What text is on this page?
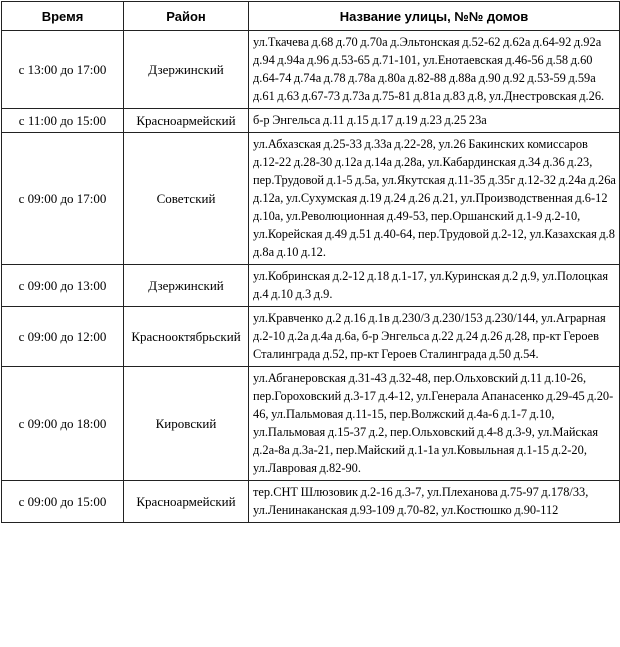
Время	Район	Название улицы, №№ домов
с 13:00 до 17:00	Дзержинский	ул.Ткачева д.68 д.70 д.70а д.Эльтонская д.52-62 д.62а д.64-92 д.92а д.94 д.94а д.96 д.53-65 д.71-101, ул.Енотаевская д.46-56 д.58 д.60 д.64-74 д.74а д.78 д.78а д.80а д.82-88 д.88а д.90 д.92 д.53-59 д.59а д.61 д.63 д.67-73 д.73а д.75-81 д.81а д.83 д.8, ул.Днестровская д.26.
с 11:00 до 15:00	Красноармейский	б-р Энгельса д.11 д.15 д.17 д.19 д.23 д.25 23а
с 09:00 до 17:00	Советский	ул.Абхазская д.25-33 д.33а д.22-28, ул.26 Бакинских комиссаров д.12-22 д.28-30 д.12а д.14а д.28а, ул.Кабардинская д.34 д.36 д.23, пер.Трудовой д.1-5 д.5а, ул.Якутская д.11-35 д.35г д.12-32 д.24а д.26а д.12а, ул.Сухумская д.19 д.24 д.26 д.21, ул.Производственная д.6-12 д.10а, ул.Революционная д.49-53, пер.Оршанский д.1-9 д.2-10, ул.Корейская д.49 д.51 д.40-64, пер.Трудовой д.2-12, ул.Казахская д.8 д.8а д.10 д.12.
с 09:00 до 13:00	Дзержинский	ул.Кобринская д.2-12 д.18 д.1-17, ул.Куринская д.2 д.9, ул.Полоцкая д.4 д.10 д.3 д.9.
с 09:00 до 12:00	Краснооктябрьский	ул.Кравченко д.2 д.16 д.1в д.230/3 д.230/153 д.230/144, ул.Аграрная д.2-10 д.2а д.4а д.6а, б-р Энгельса д.22 д.24 д.26 д.28, пр-кт Героев Сталинграда д.52, пр-кт Героев Сталинграда д.50 д.54.
с 09:00 до 18:00	Кировский	ул.Абганеровская д.31-43 д.32-48, пер.Ольховский д.11 д.10-26, пер.Гороховский д.3-17 д.4-12, ул.Генерала Апанасенко д.29-45 д.20-46, ул.Пальмовая д.11-15, пер.Волжский д.4а-6 д.1-7 д.10, ул.Пальмовая д.15-37 д.2, пер.Ольховский д.4-8 д.3-9, ул.Майская д.2а-8а д.3а-21, пер.Майский д.1-1а ул.Ковыльная д.1-15 д.2-20, ул.Лавровая д.82-90.
с 09:00 до 15:00	Красноармейский	тер.СНТ Шлюзовик д.2-16 д.3-7, ул.Плеханова д.75-97 д.178/33, ул.Ленинаканская д.93-109 д.70-82, ул.Костюшко д.90-112
